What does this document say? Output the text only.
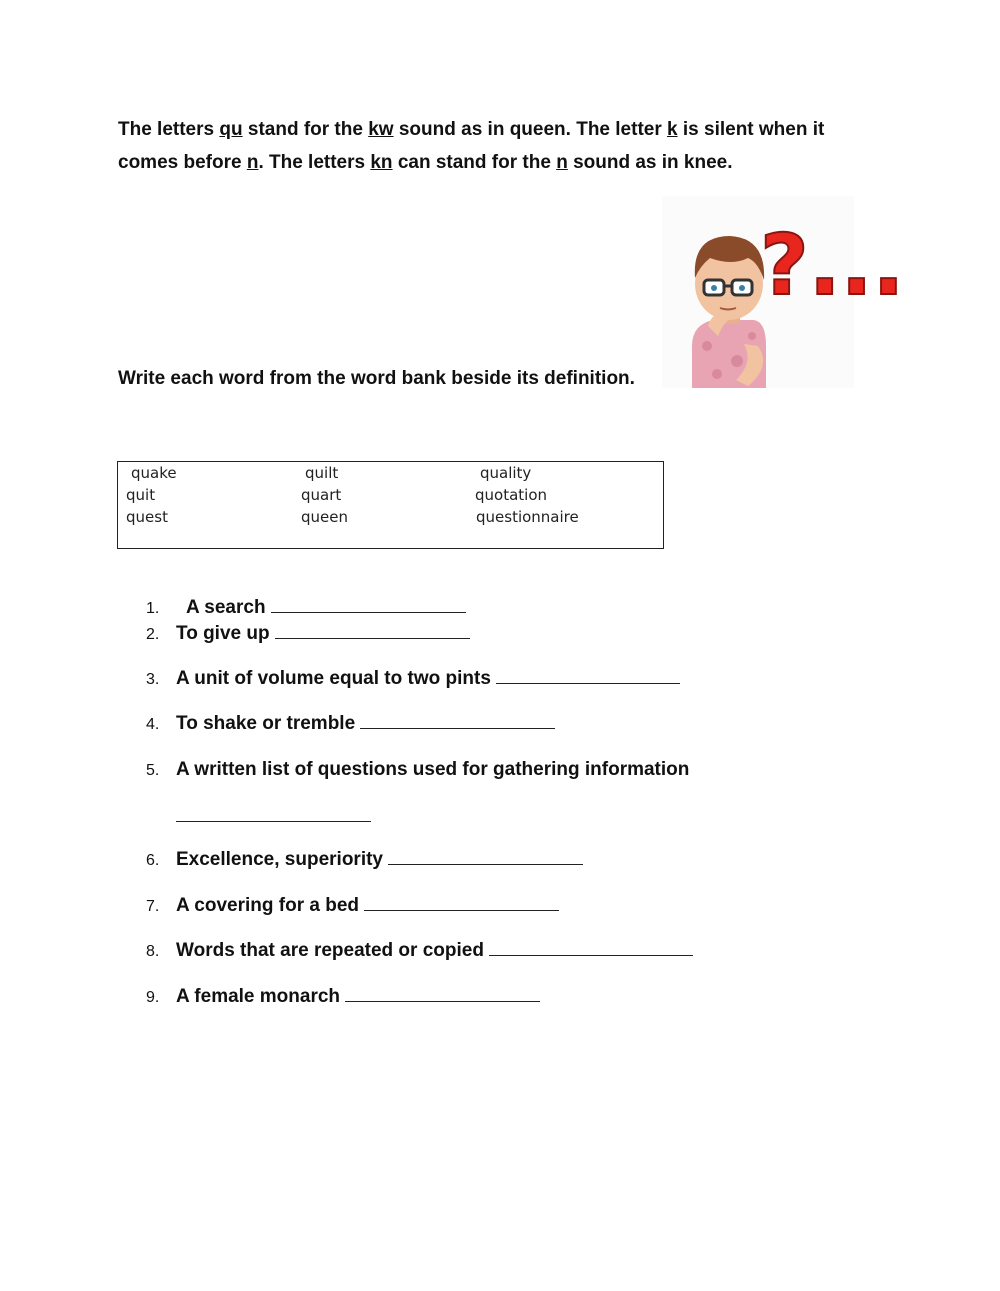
The letters qu stand for the kw sound as in queen. The letter k is silent when it
comes before n. The letters kn can stand for the n sound as in knee.
?...
Write each word from the word bank beside its definition.
quake
quit
quest
quilt
quart
queen
quality
quotation
questionnaire
1. A search
2. To give up
3. A unit of volume equal to two pints
4. To shake or tremble
5. A written list of questions used for gathering information
6. Excellence, superiority
7. A covering for a bed
8. Words that are repeated or copied
9. A female monarch
